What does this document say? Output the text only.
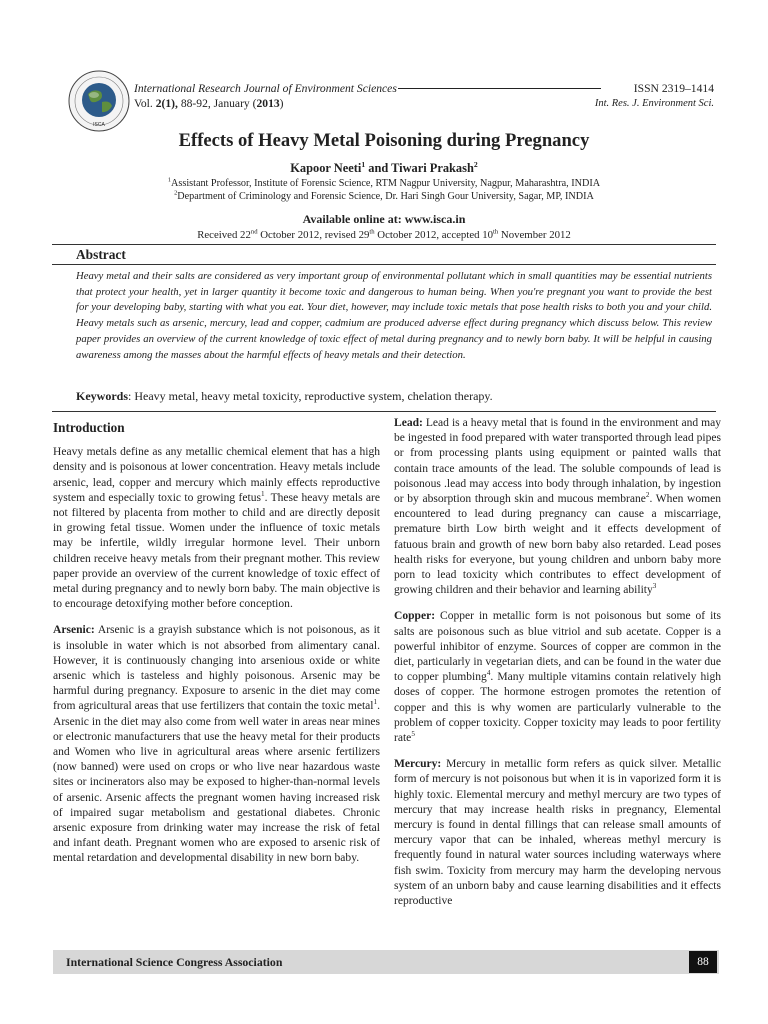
ISCA
International Research Journal of Environment Sciences	ISSN 2319–1414
Vol. 2(1), 88-92, January (2013)	Int. Res. J. Environment Sci.
Effects of Heavy Metal Poisoning during Pregnancy
Kapoor Neeti$^1$ and Tiwari Prakash$^2$
$^1$Assistant Professor, Institute of Forensic Science, RTM Nagpur University, Nagpur, Maharashtra, INDIA
$^2$Department of Criminology and Forensic Science, Dr. Hari Singh Gour University, Sagar, MP, INDIA
Available online at: www.isca.in
Received 22nd October 2012, revised 29th October 2012, accepted 10th November 2012
Abstract
Heavy metal and their salts are considered as very important group of environmental pollutant which in small quantities may be essential nutrients that protect your health, yet in larger quantity it become toxic and dangerous to human being. When you're pregnant you want to provide the best for your developing baby, starting with what you eat. Your diet, however, may include toxic metals that pose health risks to both you and your child. Heavy metals such as arsenic, mercury, lead and copper, cadmium are produced adverse effect during pregnancy which discuss below. This review paper provides an overview of the current knowledge of toxic effect of metal during pregnancy and to newly born baby. It will be helpful in causing awareness among the masses about the harmful effects of heavy metals and their detection.
Keywords: Heavy metal, heavy metal toxicity, reproductive system, chelation therapy.
Introduction

Heavy metals define as any metallic chemical element that has a high density and is poisonous at lower concentration. Heavy metals include arsenic, lead, copper and mercury which mainly effects reproductive system and especially toxic to growing fetus$^1$. These heavy metals are not filtered by placenta from mother to child and are directly deposit in growing fetal tissue. Women under the influence of toxic metals may be infertile, wildly irregular hormone level. Their unborn children receive heavy metals from their pregnant mother. This review paper provide an overview of the current knowledge of toxic effect of metal during pregnancy and to newly born baby. The main objective is to encourage detoxifying mother before conception.

Arsenic: Arsenic is a grayish substance which is not poisonous, as it is insoluble in water which is not absorbed from alimentary canal. However, it is continuously changing into arsenious oxide or white arsenic which is tasteless and highly poisonous. Arsenic may be harmful during pregnancy. Exposure to arsenic in the diet may come from agricultural areas that use fertilizers that contain the toxic metal$^1$. Arsenic in the diet may also come from well water in areas near mines or electronic manufacturers that use the heavy metal for their products and Women who live in agricultural areas where arsenic fertilizers (now banned) were used on crops or who live near hazardous waste sites or incinerators also may be exposed to higher-than-normal levels of arsenic. Arsenic affects the pregnant women having increased risk of impaired sugar metabolism and gestational diabetes. Chronic arsenic exposure from drinking water may increase the risk of fetal and infant death. Pregnant women who are exposed to arsenic risk of mental retardation and developmental disability in new born baby.

Lead: Lead is a heavy metal that is found in the environment and may be ingested in food prepared with water transported through lead pipes or from processing plants using equipment or painted walls that contain trace amounts of the lead. The soluble compounds of lead is poisonous .lead may access into body through inhalation, by ingestion or by absorption through skin and mucous membrane$^2$. When women encountered to lead during pregnancy can cause a miscarriage, premature birth Low birth weight and it effects development of fatuous brain and growth of new born baby also retarded. Lead poses health risks for everyone, but young children and unborn baby more porn to lead toxicity which contributes to effect development of growing children and their behavior and learning ability$^3$

Copper: Copper in metallic form is not poisonous but some of its salts are poisonous such as blue vitriol and sub acetate. Copper is a powerful inhibitor of enzyme. Sources of copper are common in the diet, particularly in vegetarian diets, and can be found in the water due to copper plumbing$^4$. Many multiple vitamins contain relatively high doses of copper. The hormone estrogen promotes the retention of copper and this is why women are particularly vulnerable to the problem of copper toxicity. Copper toxicity may leads to poor fertility rate$^5$

Mercury: Mercury in metallic form refers as quick silver. Metallic form of mercury is not poisonous but when it is in vaporized form it is highly toxic. Elemental mercury and methyl mercury are two types of mercury that may increase health risks in pregnancy, Elemental mercury is found in dental fillings that can release small amounts of mercury vapor that can be inhaled, whereas methyl mercury is frequently found in natural water sources including waterways where fish swim. Toxicity from mercury may harm the developing nervous system of an unborn baby and cause learning disabilities and it effects reproductive

International Science Congress Association	88
